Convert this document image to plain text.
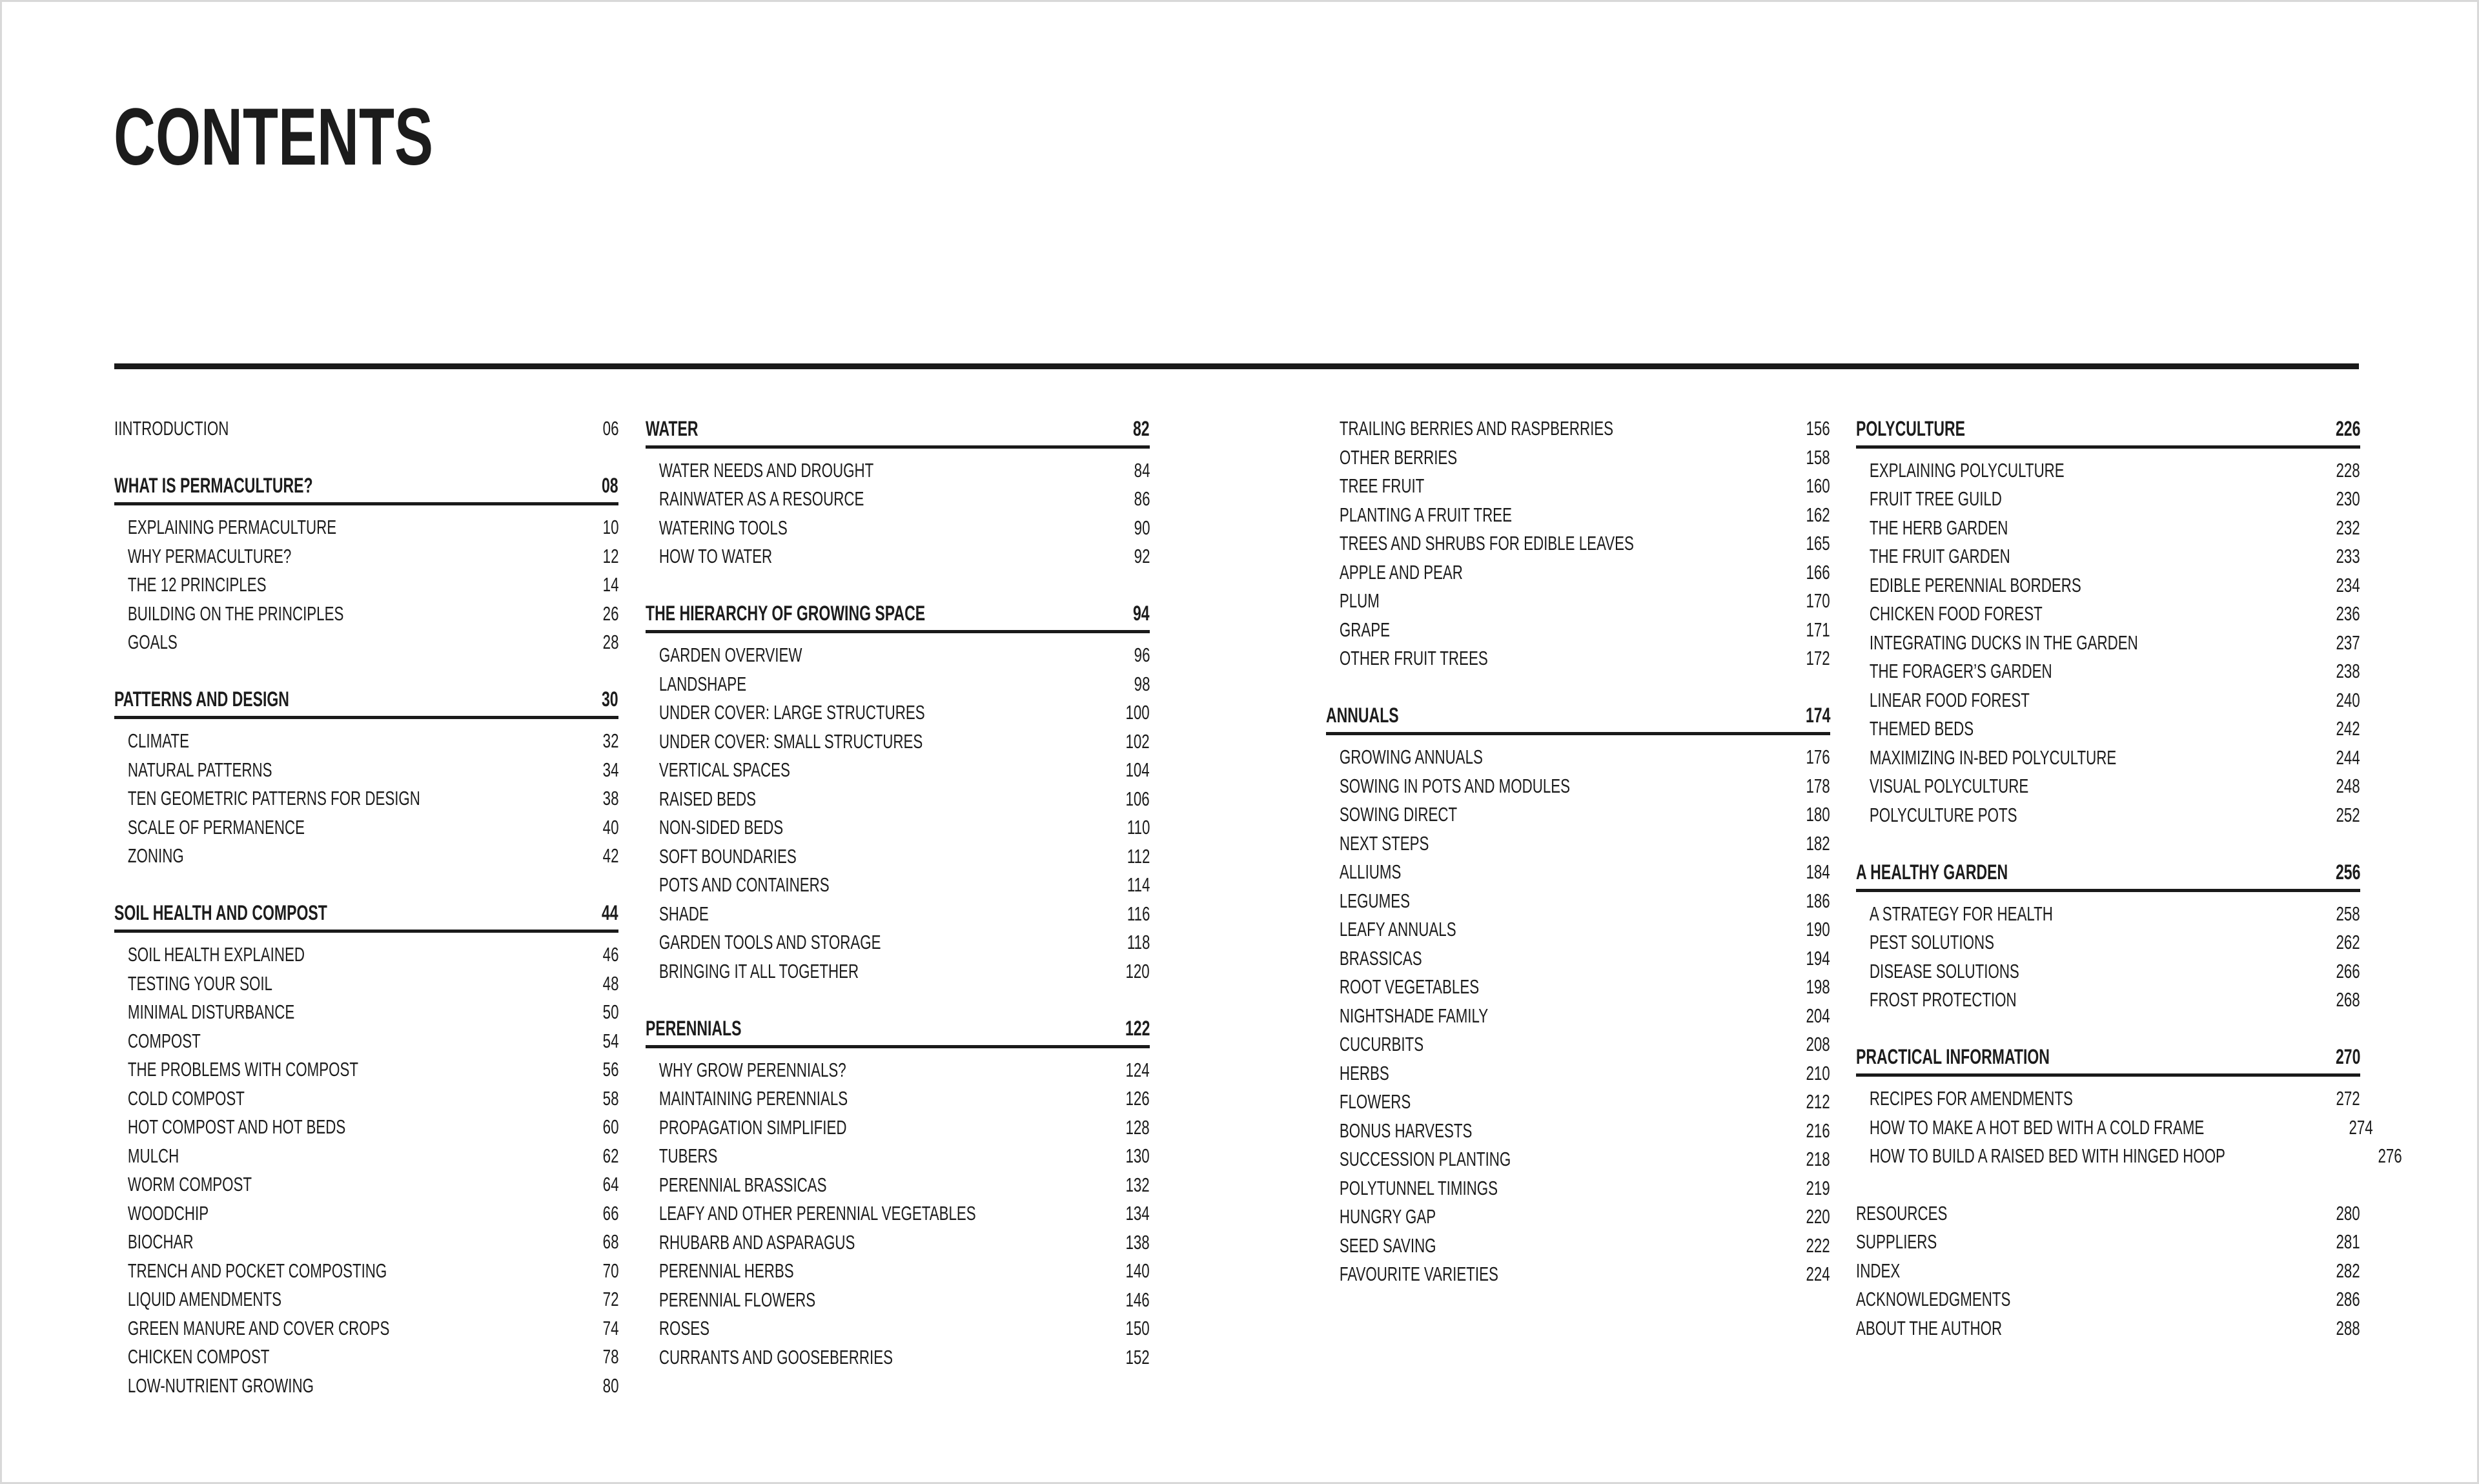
CONTENTS
IINTRODUCTION	06
WHAT IS PERMACULTURE?	08
EXPLAINING PERMACULTURE	10
WHY PERMACULTURE?	12
THE 12 PRINCIPLES	14
BUILDING ON THE PRINCIPLES	26
GOALS	28
PATTERNS AND DESIGN	30
CLIMATE	32
NATURAL PATTERNS	34
TEN GEOMETRIC PATTERNS FOR DESIGN	38
SCALE OF PERMANENCE	40
ZONING	42
SOIL HEALTH AND COMPOST	44
SOIL HEALTH EXPLAINED	46
TESTING YOUR SOIL	48
MINIMAL DISTURBANCE	50
COMPOST	54
THE PROBLEMS WITH COMPOST	56
COLD COMPOST	58
HOT COMPOST AND HOT BEDS	60
MULCH	62
WORM COMPOST	64
WOODCHIP	66
BIOCHAR	68
TRENCH AND POCKET COMPOSTING	70
LIQUID AMENDMENTS	72
GREEN MANURE AND COVER CROPS	74
CHICKEN COMPOST	78
LOW-NUTRIENT GROWING	80
WATER	82
WATER NEEDS AND DROUGHT	84
RAINWATER AS A RESOURCE	86
WATERING TOOLS	90
HOW TO WATER	92
THE HIERARCHY OF GROWING SPACE	94
GARDEN OVERVIEW	96
LANDSHAPE	98
UNDER COVER: LARGE STRUCTURES	100
UNDER COVER: SMALL STRUCTURES	102
VERTICAL SPACES	104
RAISED BEDS	106
NON-SIDED BEDS	110
SOFT BOUNDARIES	112
POTS AND CONTAINERS	114
SHADE	116
GARDEN TOOLS AND STORAGE	118
BRINGING IT ALL TOGETHER	120
PERENNIALS	122
WHY GROW PERENNIALS?	124
MAINTAINING PERENNIALS	126
PROPAGATION SIMPLIFIED	128
TUBERS	130
PERENNIAL BRASSICAS	132
LEAFY AND OTHER PERENNIAL VEGETABLES	134
RHUBARB AND ASPARAGUS	138
PERENNIAL HERBS	140
PERENNIAL FLOWERS	146
ROSES	150
CURRANTS AND GOOSEBERRIES	152
TRAILING BERRIES AND RASPBERRIES	156
OTHER BERRIES	158
TREE FRUIT	160
PLANTING A FRUIT TREE	162
TREES AND SHRUBS FOR EDIBLE LEAVES	165
APPLE AND PEAR	166
PLUM	170
GRAPE	171
OTHER FRUIT TREES	172
ANNUALS	174
GROWING ANNUALS	176
SOWING IN POTS AND MODULES	178
SOWING DIRECT	180
NEXT STEPS	182
ALLIUMS	184
LEGUMES	186
LEAFY ANNUALS	190
BRASSICAS	194
ROOT VEGETABLES	198
NIGHTSHADE FAMILY	204
CUCURBITS	208
HERBS	210
FLOWERS	212
BONUS HARVESTS	216
SUCCESSION PLANTING	218
POLYTUNNEL TIMINGS	219
HUNGRY GAP	220
SEED SAVING	222
FAVOURITE VARIETIES	224
POLYCULTURE	226
EXPLAINING POLYCULTURE	228
FRUIT TREE GUILD	230
THE HERB GARDEN	232
THE FRUIT GARDEN	233
EDIBLE PERENNIAL BORDERS	234
CHICKEN FOOD FOREST	236
INTEGRATING DUCKS IN THE GARDEN	237
THE FORAGER’S GARDEN	238
LINEAR FOOD FOREST	240
THEMED BEDS	242
MAXIMIZING IN-BED POLYCULTURE	244
VISUAL POLYCULTURE	248
POLYCULTURE POTS	252
A HEALTHY GARDEN	256
A STRATEGY FOR HEALTH	258
PEST SOLUTIONS	262
DISEASE SOLUTIONS	266
FROST PROTECTION	268
PRACTICAL INFORMATION	270
RECIPES FOR AMENDMENTS	272
HOW TO MAKE A HOT BED WITH A COLD FRAME	274
HOW TO BUILD A RAISED BED WITH HINGED HOOP	276
RESOURCES	280
SUPPLIERS	281
INDEX	282
ACKNOWLEDGMENTS	286
ABOUT THE AUTHOR	288
